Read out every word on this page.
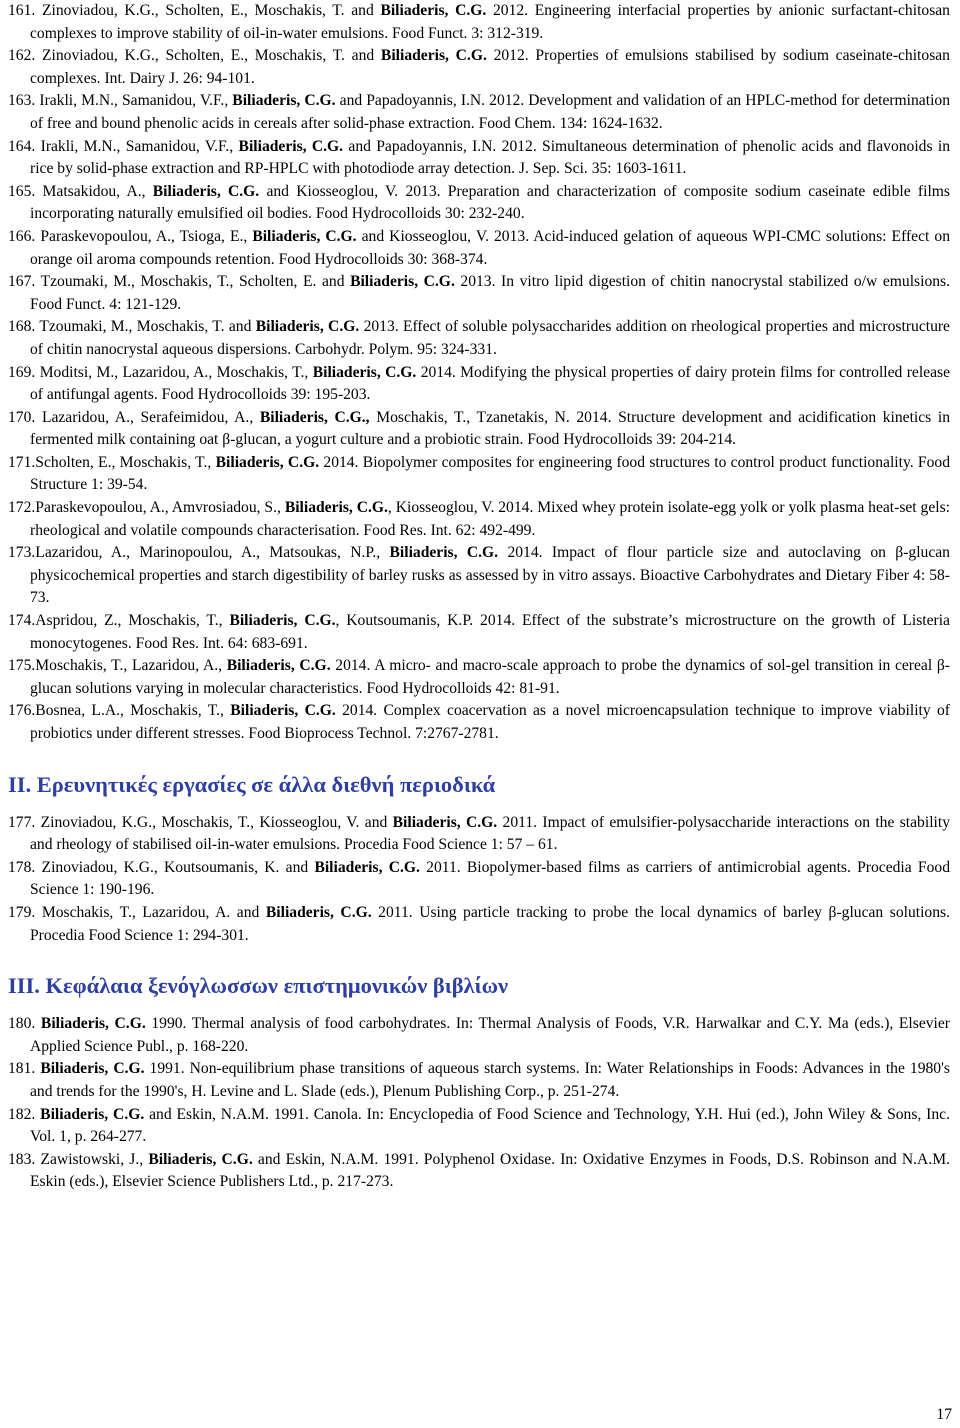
161. Zinoviadou, K.G., Scholten, E., Moschakis, T. and Biliaderis, C.G. 2012. Engineering interfacial properties by anionic surfactant-chitosan complexes to improve stability of oil-in-water emulsions. Food Funct. 3: 312-319.
162. Zinoviadou, K.G., Scholten, E., Moschakis, T. and Biliaderis, C.G. 2012. Properties of emulsions stabilised by sodium caseinate-chitosan complexes. Int. Dairy J. 26: 94-101.
163. Irakli, M.N., Samanidou, V.F., Biliaderis, C.G. and Papadoyannis, I.N. 2012. Development and validation of an HPLC-method for determination of free and bound phenolic acids in cereals after solid-phase extraction. Food Chem. 134: 1624-1632.
164. Irakli, M.N., Samanidou, V.F., Biliaderis, C.G. and Papadoyannis, I.N. 2012. Simultaneous determination of phenolic acids and flavonoids in rice by solid-phase extraction and RP-HPLC with photodiode array detection. J. Sep. Sci. 35: 1603-1611.
165. Matsakidou, A., Biliaderis, C.G. and Kiosseoglou, V. 2013. Preparation and characterization of composite sodium caseinate edible films incorporating naturally emulsified oil bodies. Food Hydrocolloids 30: 232-240.
166. Paraskevopoulou, A., Tsioga, E., Biliaderis, C.G. and Kiosseoglou, V. 2013. Acid-induced gelation of aqueous WPI-CMC solutions: Effect on orange oil aroma compounds retention. Food Hydrocolloids 30: 368-374.
167. Tzoumaki, M., Moschakis, T., Scholten, E. and Biliaderis, C.G. 2013. In vitro lipid digestion of chitin nanocrystal stabilized o/w emulsions. Food Funct. 4: 121-129.
168. Tzoumaki, M., Moschakis, T. and Biliaderis, C.G. 2013. Effect of soluble polysaccharides addition on rheological properties and microstructure of chitin nanocrystal aqueous dispersions. Carbohydr. Polym. 95: 324-331.
169. Moditsi, M., Lazaridou, A., Moschakis, T., Biliaderis, C.G. 2014. Modifying the physical properties of dairy protein films for controlled release of antifungal agents. Food Hydrocolloids 39: 195-203.
170. Lazaridou, A., Serafeimidou, A., Biliaderis, C.G., Moschakis, T., Tzanetakis, N. 2014. Structure development and acidification kinetics in fermented milk containing oat β-glucan, a yogurt culture and a probiotic strain. Food Hydrocolloids 39: 204-214.
171.Scholten, E., Moschakis, T., Biliaderis, C.G. 2014. Biopolymer composites for engineering food structures to control product functionality. Food Structure 1: 39-54.
172.Paraskevopoulou, A., Amvrosiadou, S., Biliaderis, C.G., Kiosseoglou, V. 2014. Mixed whey protein isolate-egg yolk or yolk plasma heat-set gels: rheological and volatile compounds characterisation. Food Res. Int. 62: 492-499.
173.Lazaridou, A., Marinopoulou, A., Matsoukas, N.P., Biliaderis, C.G. 2014. Impact of flour particle size and autoclaving on β-glucan physicochemical properties and starch digestibility of barley rusks as assessed by in vitro assays. Bioactive Carbohydrates and Dietary Fiber 4: 58-73.
174.Aspridou, Z., Moschakis, T., Biliaderis, C.G., Koutsoumanis, K.P. 2014. Effect of the substrate’s microstructure on the growth of Listeria monocytogenes. Food Res. Int. 64: 683-691.
175.Moschakis, T., Lazaridou, A., Biliaderis, C.G. 2014. A micro- and macro-scale approach to probe the dynamics of sol-gel transition in cereal β-glucan solutions varying in molecular characteristics. Food Hydrocolloids 42: 81-91.
176.Bosnea, L.A., Moschakis, T., Biliaderis, C.G. 2014. Complex coacervation as a novel microencapsulation technique to improve viability of probiotics under different stresses. Food Bioprocess Technol. 7:2767-2781.
II. Ερευνητικές εργασίες σε άλλα διεθνή περιοδικά
177. Zinoviadou, K.G., Moschakis, T., Kiosseoglou, V. and Biliaderis, C.G. 2011. Impact of emulsifier-polysaccharide interactions on the stability and rheology of stabilised oil-in-water emulsions. Procedia Food Science 1: 57 – 61.
178. Zinoviadou, K.G., Koutsoumanis, K. and Biliaderis, C.G. 2011. Biopolymer-based films as carriers of antimicrobial agents. Procedia Food Science 1: 190-196.
179. Moschakis, T., Lazaridou, A. and Biliaderis, C.G. 2011. Using particle tracking to probe the local dynamics of barley β-glucan solutions. Procedia Food Science 1: 294-301.
III. Κεφάλαια ξενόγλωσσων επιστημονικών βιβλίων
180. Biliaderis, C.G. 1990. Thermal analysis of food carbohydrates. In: Thermal Analysis of Foods, V.R. Harwalkar and C.Y. Ma (eds.), Elsevier Applied Science Publ., p. 168-220.
181. Biliaderis, C.G. 1991. Non-equilibrium phase transitions of aqueous starch systems. In: Water Relationships in Foods: Advances in the 1980's and trends for the 1990's, H. Levine and L. Slade (eds.), Plenum Publishing Corp., p. 251-274.
182. Biliaderis, C.G. and Eskin, N.A.M. 1991. Canola. In: Encyclopedia of Food Science and Technology, Y.H. Hui (ed.), John Wiley & Sons, Inc. Vol. 1, p. 264-277.
183. Zawistowski, J., Biliaderis, C.G. and Eskin, N.A.M. 1991. Polyphenol Oxidase. In: Oxidative Enzymes in Foods, D.S. Robinson and N.A.M. Eskin (eds.), Elsevier Science Publishers Ltd., p. 217-273.
17
